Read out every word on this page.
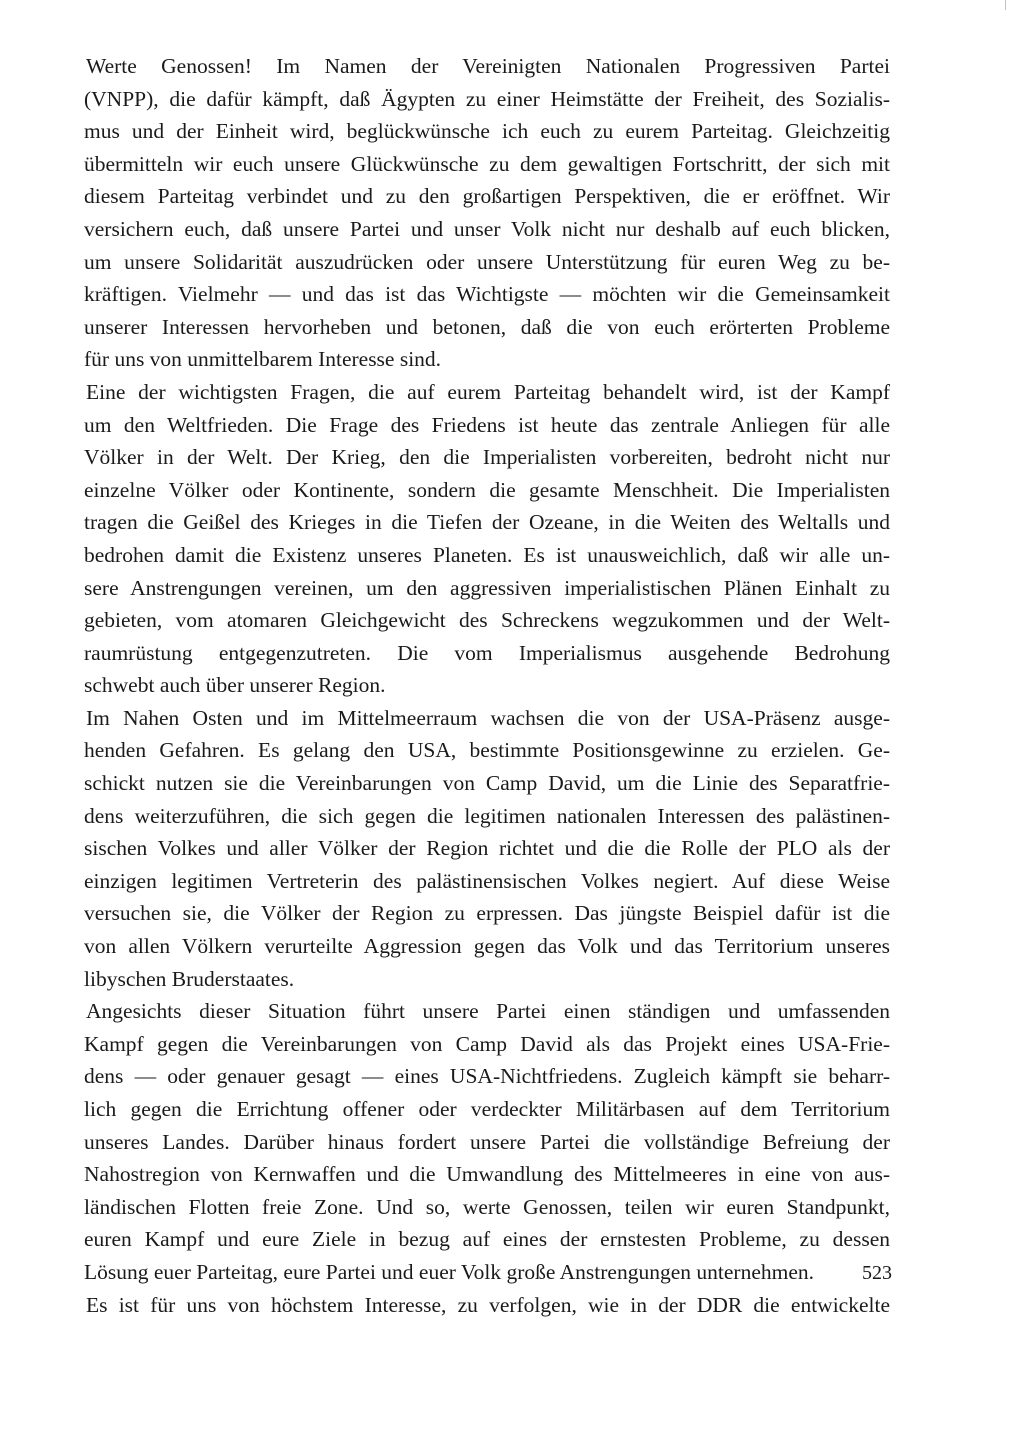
Werte Genossen! Im Namen der Vereinigten Nationalen Progressiven Partei
(VNPP), die dafür kämpft, daß Ägypten zu einer Heimstätte der Freiheit, des Sozialis-
mus und der Einheit wird, beglückwünsche ich euch zu eurem Parteitag. Gleichzeitig
übermitteln wir euch unsere Glückwünsche zu dem gewaltigen Fortschritt, der sich mit
diesem Parteitag verbindet und zu den großartigen Perspektiven, die er eröffnet. Wir
versichern euch, daß unsere Partei und unser Volk nicht nur deshalb auf euch blicken,
um unsere Solidarität auszudrücken oder unsere Unterstützung für euren Weg zu be-
kräftigen. Vielmehr — und das ist das Wichtigste — möchten wir die Gemeinsamkeit
unserer Interessen hervorheben und betonen, daß die von euch erörterten Probleme
für uns von unmittelbarem Interesse sind.
Eine der wichtigsten Fragen, die auf eurem Parteitag behandelt wird, ist der Kampf
um den Weltfrieden. Die Frage des Friedens ist heute das zentrale Anliegen für alle
Völker in der Welt. Der Krieg, den die Imperialisten vorbereiten, bedroht nicht nur
einzelne Völker oder Kontinente, sondern die gesamte Menschheit. Die Imperialisten
tragen die Geißel des Krieges in die Tiefen der Ozeane, in die Weiten des Weltalls und
bedrohen damit die Existenz unseres Planeten. Es ist unausweichlich, daß wir alle un-
sere Anstrengungen vereinen, um den aggressiven imperialistischen Plänen Einhalt zu
gebieten, vom atomaren Gleichgewicht des Schreckens wegzukommen und der Welt-
raumrüstung entgegenzutreten. Die vom Imperialismus ausgehende Bedrohung
schwebt auch über unserer Region.
Im Nahen Osten und im Mittelmeerraum wachsen die von der USA-Präsenz ausge-
henden Gefahren. Es gelang den USA, bestimmte Positionsgewinne zu erzielen. Ge-
schickt nutzen sie die Vereinbarungen von Camp David, um die Linie des Separatfrie-
dens weiterzuführen, die sich gegen die legitimen nationalen Interessen des palästinen-
sischen Volkes und aller Völker der Region richtet und die die Rolle der PLO als der
einzigen legitimen Vertreterin des palästinensischen Volkes negiert. Auf diese Weise
versuchen sie, die Völker der Region zu erpressen. Das jüngste Beispiel dafür ist die
von allen Völkern verurteilte Aggression gegen das Volk und das Territorium unseres
libyschen Bruderstaates.
Angesichts dieser Situation führt unsere Partei einen ständigen und umfassenden
Kampf gegen die Vereinbarungen von Camp David als das Projekt eines USA-Frie-
dens — oder genauer gesagt — eines USA-Nichtfriedens. Zugleich kämpft sie beharr-
lich gegen die Errichtung offener oder verdeckter Militärbasen auf dem Territorium
unseres Landes. Darüber hinaus fordert unsere Partei die vollständige Befreiung der
Nahostregion von Kernwaffen und die Umwandlung des Mittelmeeres in eine von aus-
ländischen Flotten freie Zone. Und so, werte Genossen, teilen wir euren Standpunkt,
euren Kampf und eure Ziele in bezug auf eines der ernstesten Probleme, zu dessen
Lösung euer Parteitag, eure Partei und euer Volk große Anstrengungen unternehmen.
Es ist für uns von höchstem Interesse, zu verfolgen, wie in der DDR die entwickelte
523
